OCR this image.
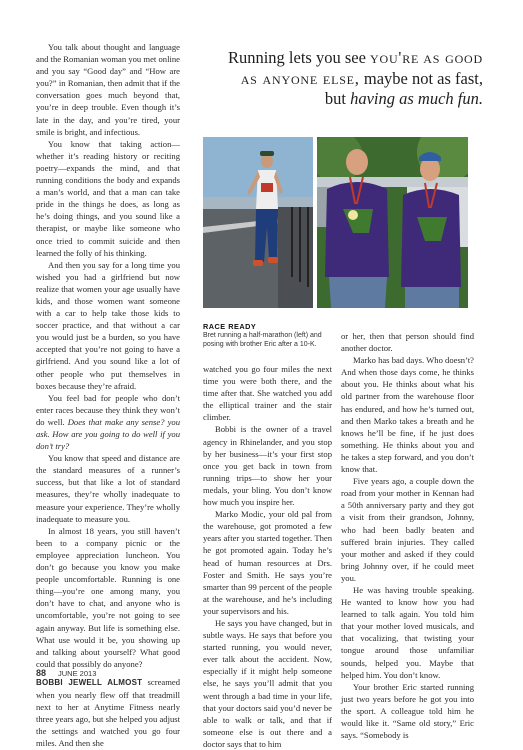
Running lets you see you're as good as anyone else, maybe not as fast, but having as much fun.
RACE READY
Bret running a half-marathon (left) and posing with brother Eric after a 10-K.

You talk about thought and language and the Romanian woman you met online and you say “Good day” and “How are you?” in Romanian, then admit that if the conversation goes much beyond that, you’re in deep trouble. Even though it’s late in the day, and you’re tired, your smile is bright, and infectious.

You know that taking action—whether it’s reading history or reciting poetry—expands the mind, and that running conditions the body and expands a man’s world, and that a man can take pride in the things he does, as long as he’s doing things, and you sound like a therapist, or maybe like someone who once tried to commit suicide and then learned the folly of his thinking.

And then you say for a long time you wished you had a girlfriend but now realize that women your age usually have kids, and those women want someone with a car to help take those kids to soccer practice, and that without a car you would just be a burden, so you have accepted that you’re not going to have a girlfriend. And you sound like a lot of other people who put themselves in boxes because they’re afraid.

You feel bad for people who don’t enter races because they think they won’t do well. Does that make any sense? you ask. How are you going to do well if you don’t try?

You know that speed and distance are the standard measures of a runner’s success, but that like a lot of standard measures, they’re wholly inadequate to measure your experience. They’re wholly inadequate to measure you.

In almost 18 years, you still haven’t been to a company picnic or the employee appreciation luncheon. You don’t go because you know you make people uncomfortable. Running is one thing—you’re one among many, you don’t have to chat, and anyone who is uncomfortable, you’re not going to see again anyway. But life is something else. What use would it be, you showing up and talking about yourself? What good could that possibly do anyone?

BOBBI JEWELL ALMOST screamed when you nearly flew off that treadmill next to her at Anytime Fitness nearly three years ago, but she helped you adjust the settings and watched you go four miles. And then she

watched you go four miles the next time you were both there, and the time after that. She watched you add the elliptical trainer and the stair climber.

Bobbi is the owner of a travel agency in Rhinelander, and you stop by her business—it’s your first stop once you get back in town from running trips—to show her your medals, your bling. You don’t know how much you inspire her.

Marko Modic, your old pal from the warehouse, got promoted a few years after you started together. Then he got promoted again. Today he’s head of human resources at Drs. Foster and Smith. He says you’re smarter than 99 percent of the people at the warehouse, and he’s including your supervisors and his.

He says you have changed, but in subtle ways. He says that before you started running, you would never, ever talk about the accident. Now, especially if it might help someone else, he says you’ll admit that you went through a bad time in your life, that your doctors said you’d never be able to walk or talk, and that if someone else is out there and a doctor says that to him

or her, then that person should find another doctor.

Marko has bad days. Who doesn’t? And when those days come, he thinks about you. He thinks about what his old partner from the warehouse floor has endured, and how he’s turned out, and then Marko takes a breath and he knows he’ll be fine, if he just does something. He thinks about you and he takes a step forward, and you don’t know that.

Five years ago, a couple down the road from your mother in Kennan had a 50th anniversary party and they got a visit from their grandson, Johnny, who had been badly beaten and suffered brain injuries. They called your mother and asked if they could bring Johnny over, if he could meet you.

He was having trouble speaking. He wanted to know how you had learned to talk again. You told him that your mother loved musicals, and that vocalizing, that twisting your tongue around those unfamiliar sounds, helped you. Maybe that helped him. You don’t know.

Your brother Eric started running just two years before he got you into the sport. A colleague told him he would like it. “Same old story,” Eric says. “Somebody is

88 JUNE 2013
